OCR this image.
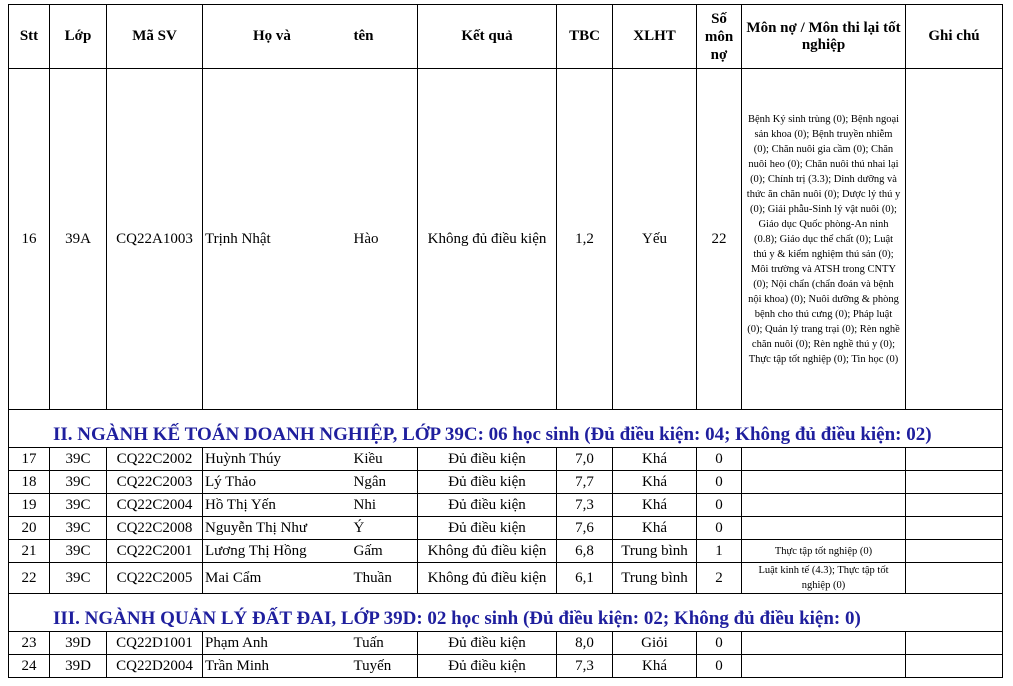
Stt	Lớp	Mã SV	Họ và	tên	Kết quả	TBC	XLHT	Số môn nợ	Môn nợ / Môn thi lại tốt nghiệp	Ghi chú
16	39A	CQ22A1003	Trịnh Nhật	Hào	Không đủ điều kiện	1,2	Yếu	22	Bệnh Ký sinh trùng (0); Bệnh ngoại sản khoa (0); Bệnh truyền nhiễm (0); Chăn nuôi gia cầm (0); Chăn nuôi heo (0); Chăn nuôi thú nhai lại (0); Chính trị (3.3); Dinh dưỡng và thức ăn chăn nuôi (0); Dược lý thú y (0); Giải phẫu-Sinh lý vật nuôi (0); Giáo dục Quốc phòng-An ninh (0.8); Giáo dục thể chất (0); Luật thú y & kiểm nghiệm thú sản (0); Môi trường và ATSH trong CNTY (0); Nội chẩn (chẩn đoán và bệnh nội khoa) (0); Nuôi dưỡng & phòng bệnh cho thú cưng (0); Pháp luật (0); Quản lý trang trại (0); Rèn nghề chăn nuôi (0); Rèn nghề thú y (0); Thực tập tốt nghiệp (0); Tin học (0)	
II. NGÀNH KẾ TOÁN DOANH NGHIỆP, LỚP 39C: 06 học sinh (Đủ điều kiện: 04; Không đủ điều kiện: 02)										
17	39C	CQ22C2002	Huỳnh Thúy	Kiều	Đủ điều kiện	7,0	Khá	0		
18	39C	CQ22C2003	Lý Thảo	Ngân	Đủ điều kiện	7,7	Khá	0		
19	39C	CQ22C2004	Hồ Thị Yến	Nhi	Đủ điều kiện	7,3	Khá	0		
20	39C	CQ22C2008	Nguyễn Thị Như	Ý	Đủ điều kiện	7,6	Khá	0		
21	39C	CQ22C2001	Lương Thị Hồng	Gấm	Không đủ điều kiện	6,8	Trung bình	1	Thực tập tốt nghiệp (0)	
22	39C	CQ22C2005	Mai Cẩm	Thuần	Không đủ điều kiện	6,1	Trung bình	2	Luật kinh tế (4.3); Thực tập tốt nghiệp (0)	
III. NGÀNH QUẢN LÝ ĐẤT ĐAI, LỚP 39D: 02 học sinh (Đủ điều kiện: 02; Không đủ điều kiện: 0)										
23	39D	CQ22D1001	Phạm Anh	Tuấn	Đủ điều kiện	8,0	Giỏi	0		
24	39D	CQ22D2004	Trần Minh	Tuyến	Đủ điều kiện	7,3	Khá	0		
